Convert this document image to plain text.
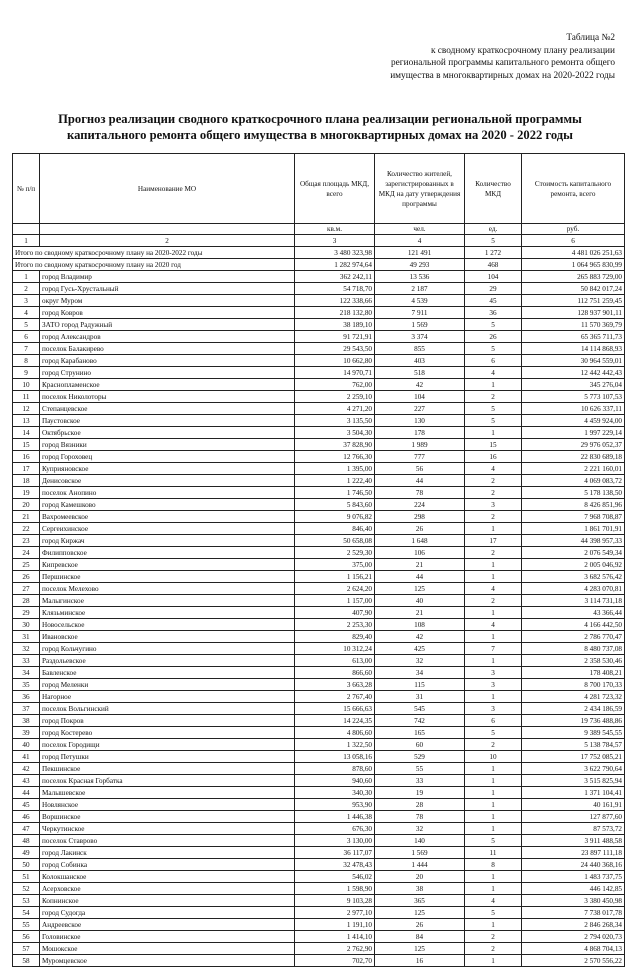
Таблица №2
к сводному краткосрочному плану реализации
региональной программы капитального ремонта общего
имущества в многоквартирных домах на 2020-2022 годы
Прогноз реализации сводного краткосрочного плана реализации региональной программы капитального ремонта общего имущества в многоквартирных домах на 2020 - 2022 годы
№ п/п	Наименование МО	Общая площадь МКД, всего	Количество жителей, зарегистрированных в МКД на дату утверждения программы	Количество МКД	Стоимость капитального ремонта, всего
		кв.м.	чел.	ед.	руб.
1	2	3	4	5	6
Итого по сводному краткосрочному плану на 2020-2022 годы		3 480 323,98	121 491	1 272	4 481 026 251,63
Итого по сводному краткосрочному плану на 2020 год		1 282 974,64	49 293	468	1 064 965 830,99
1	город Владимир	362 242,11	13 536	104	265 883 729,00
2	город Гусь-Хрустальный	54 718,70	2 187	29	50 842 017,24
3	округ Муром	122 338,66	4 539	45	112 751 259,45
4	город Ковров	218 132,80	7 911	36	128 937 901,11
5	ЗАТО город Радужный	38 189,10	1 569	5	11 570 369,79
6	город Александров	91 721,91	3 374	26	65 365 711,73
7	поселок Балакирево	29 543,50	855	5	14 114 868,93
8	город Карабаново	10 662,80	403	6	30 964 559,01
9	город Струнино	14 970,71	518	4	12 442 442,43
10	Краснопламенское	762,00	42	1	345 276,04
11	поселок Николоторы	2 259,10	104	2	5 773 107,53
12	Степанцевское	4 271,20	227	5	10 626 337,11
13	Паустовское	3 135,50	130	5	4 459 924,00
14	Октябрьское	3 504,30	178	1	1 997 229,14
15	город Вязники	37 828,90	1 989	15	29 976 052,37
16	город Гороховец	12 766,30	777	16	22 830 689,18
17	Куприяновское	1 395,00	56	4	2 221 160,01
18	Денисовское	1 222,40	44	2	4 069 083,72
19	поселок Анопино	1 746,50	78	2	5 178 138,50
20	город Камешково	5 843,60	224	3	8 426 851,96
21	Вахромеевское	9 076,82	298	2	7 968 708,87
22	Сергеихинское	846,40	26	1	1 861 701,91
23	город Киржач	50 658,08	1 648	17	44 398 957,33
24	Филипповское	2 529,30	106	2	2 076 549,34
25	Кипревское	375,00	21	1	2 005 046,92
26	Першинское	1 156,21	44	1	3 682 576,42
27	поселок Мелехово	2 624,20	125	4	4 283 070,81
28	Малыгинское	1 157,00	40	2	3 114 731,18
29	Клязьминское	407,90	21	1	43 366,44
30	Новосельское	2 253,30	108	4	4 166 442,50
31	Ивановское	829,40	42	1	2 786 770,47
32	город Кольчугино	10 312,24	425	7	8 480 737,08
33	Раздольевское	613,00	32	1	2 358 530,46
34	Бавленское	866,60	34	3	178 408,21
35	город Меленки	3 663,28	115	3	8 700 170,33
36	Нагорное	2 767,40	31	1	4 281 723,32
37	поселок Вольгинский	15 666,63	545	3	2 434 186,59
38	город Покров	14 224,35	742	6	19 736 488,86
39	город Костерево	4 806,60	165	5	9 389 545,55
40	поселок Городищи	1 322,50	60	2	5 138 784,57
41	город Петушки	13 058,16	529	10	17 752 085,21
42	Пекшинское	878,60	55	1	3 622 790,64
43	поселок Красная Горбатка	940,60	33	1	3 515 825,94
44	Малышевское	340,30	19	1	1 371 104,41
45	Новлянское	953,90	28	1	40 161,91
46	Воршинское	1 446,38	78	1	127 877,60
47	Черкутинское	676,30	32	1	87 573,72
48	поселок Ставрово	3 130,00	140	5	3 911 488,58
49	город Лакинск	36 117,07	1 569	11	23 897 111,18
50	город Собинка	32 478,43	1 444	8	24 440 368,16
51	Колокшанское	546,02	20	1	1 483 737,75
52	Асерховское	1 598,90	38	1	446 142,85
53	Копнинское	9 103,28	365	4	3 380 450,98
54	город Судогда	2 977,10	125	5	7 738 017,78
55	Андреевское	1 191,10	26	1	2 846 268,34
56	Головинское	1 414,10	84	2	2 794 020,73
57	Мошокское	2 762,90	125	2	4 868 704,13
58	Муромцевское	702,70	16	1	2 570 556,22
